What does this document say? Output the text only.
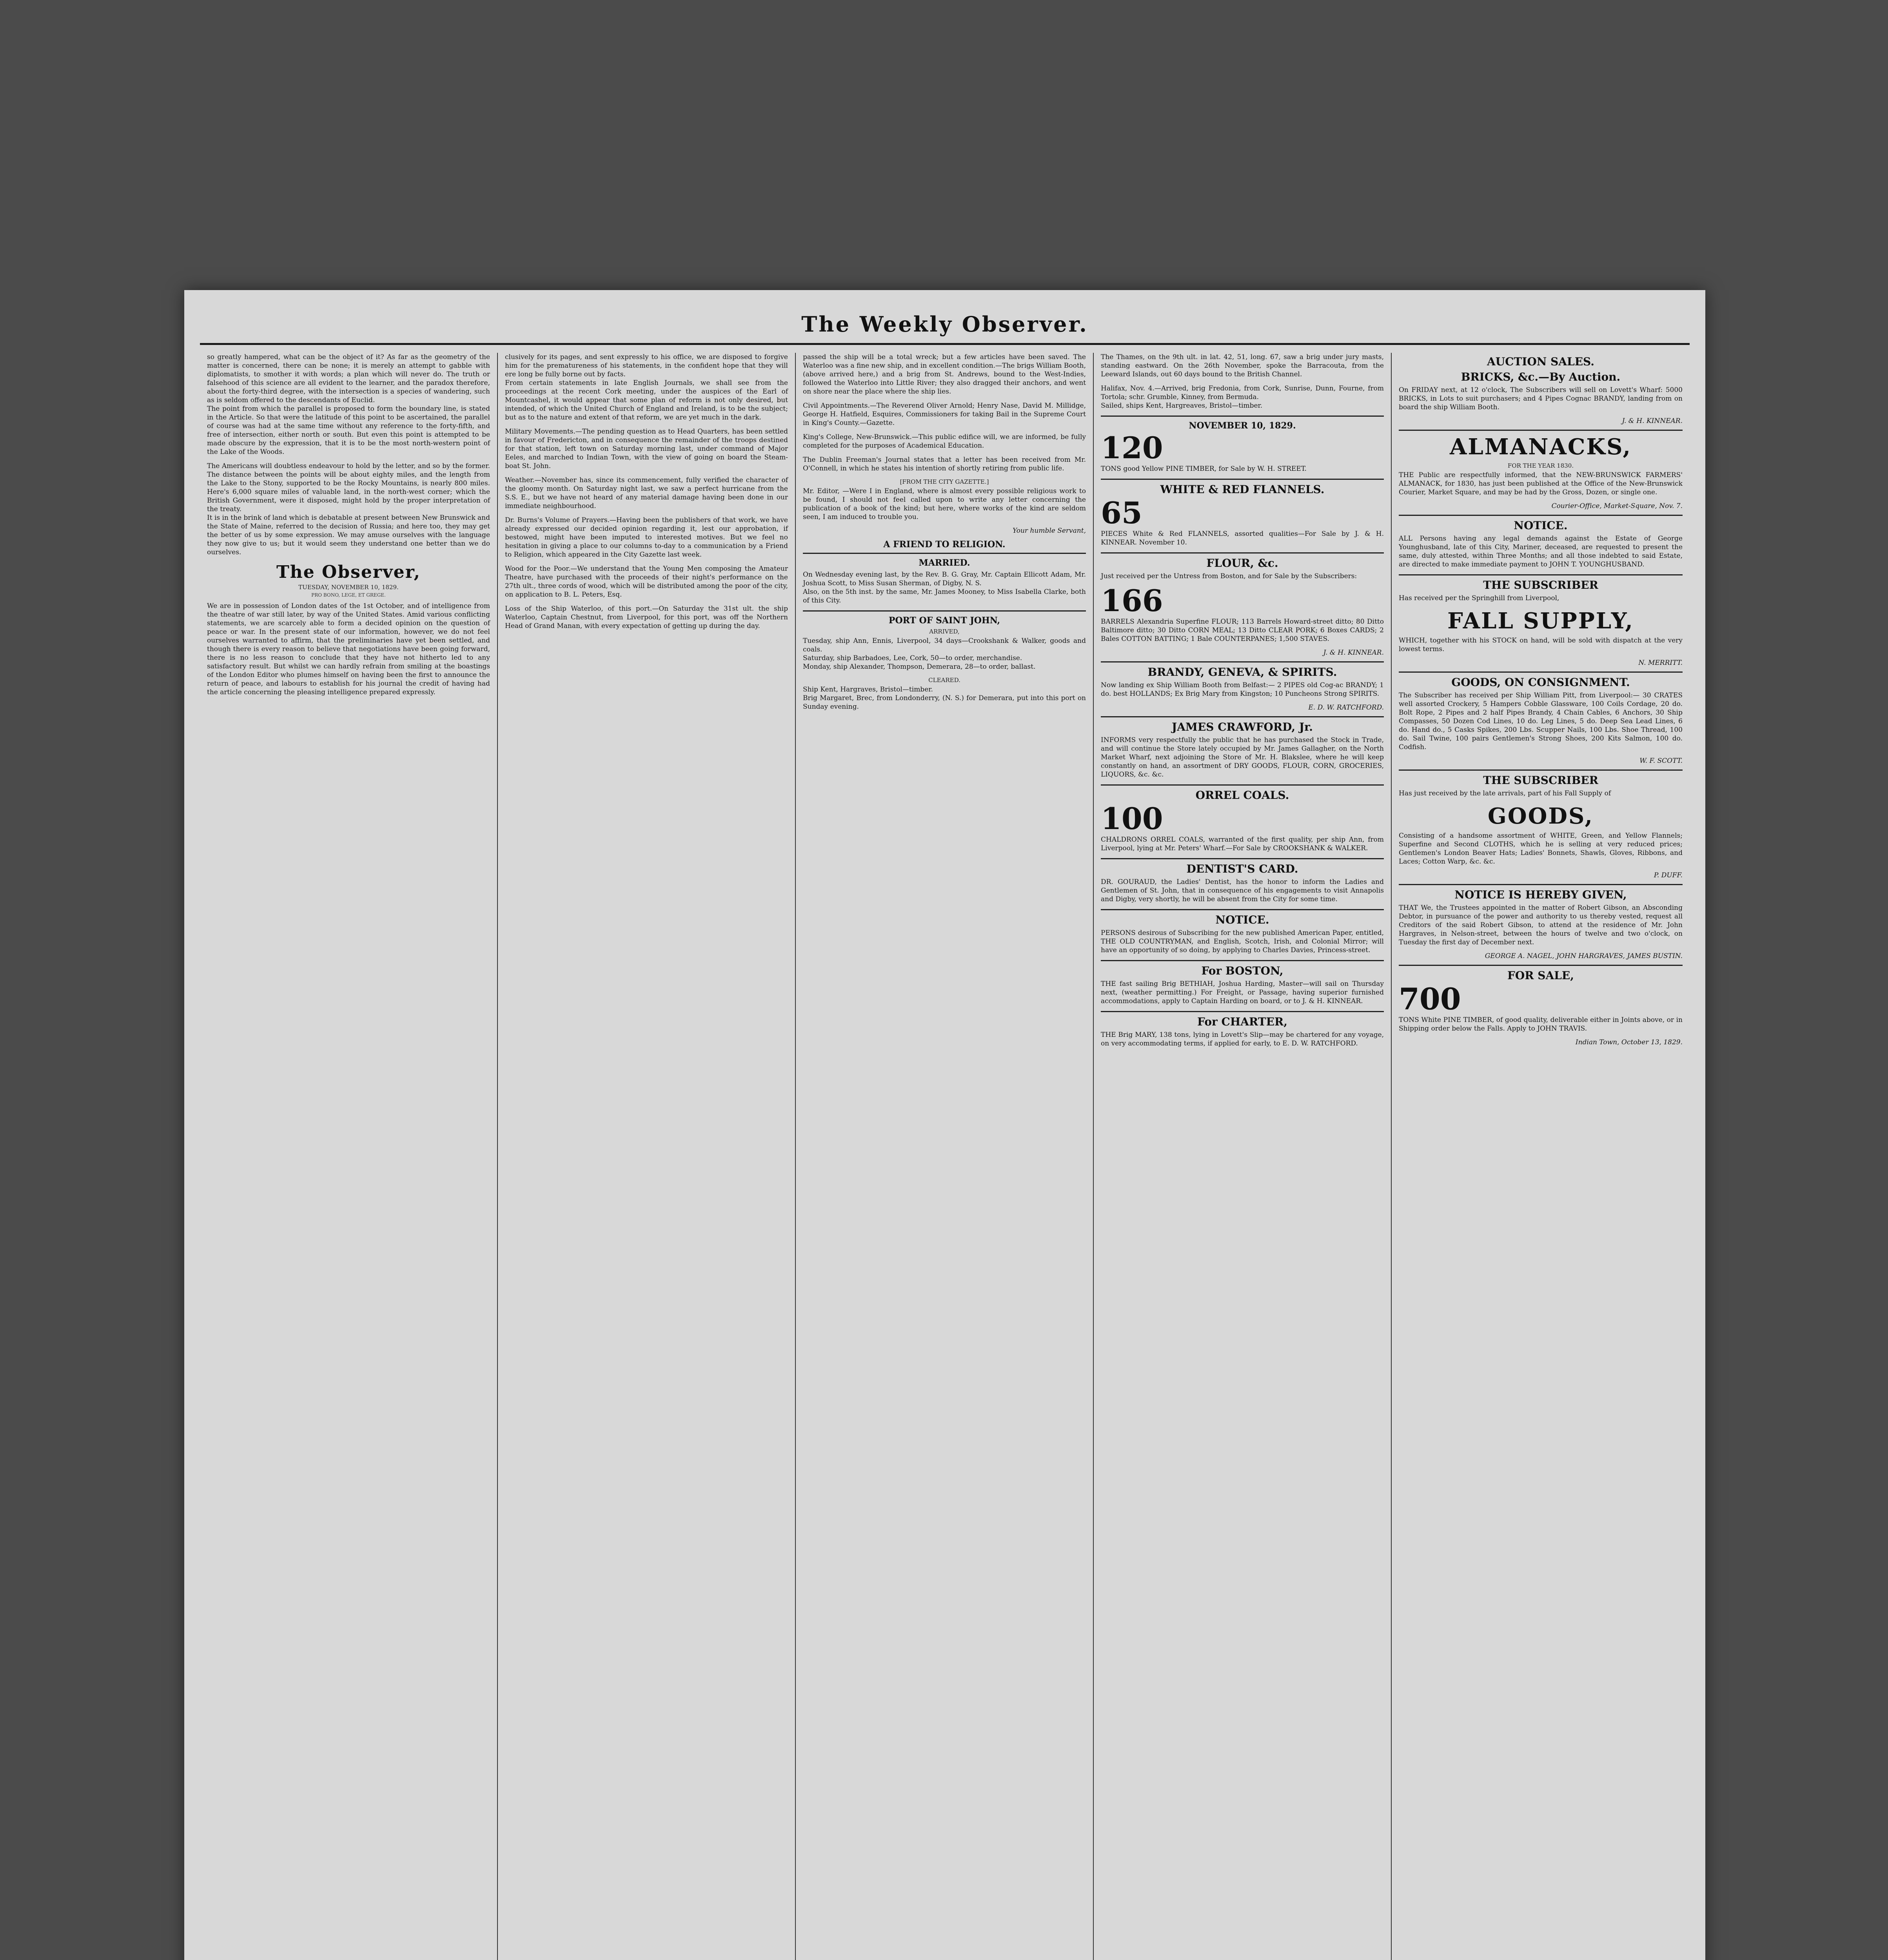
The Weekly Observer.

so greatly hampered, what can be the object of it? As far as the geometry of the matter is concerned, there can be none; it is merely an attempt to gabble with diplomatists, to smother it with words; a plan which will never do. The truth or falsehood of this science are all evident to the learner, and the paradox therefore, about the forty-third degree, with the intersection is a species of wandering, such as is seldom offered to the descendants of Euclid.
The point from which the parallel is proposed to form the boundary line, is stated in the Article. So that were the latitude of this point to be ascertained, the parallel of course was had at the same time without any reference to the forty-fifth, and free of intersection, either north or south. But even this point is attempted to be made obscure by the expression, that it is to be the most north-western point of the Lake of the Woods.

The Americans will doubtless endeavour to hold by the letter, and so by the former. The distance between the points will be about eighty miles, and the length from the Lake to the Stony, supported to be the Rocky Mountains, is nearly 800 miles. Here's 6,000 square miles of valuable land, in the north-west corner; which the British Government, were it disposed, might hold by the proper interpretation of the treaty.
It is in the brink of land which is debatable at present between New Brunswick and the State of Maine, referred to the decision of Russia; and here too, they may get the better of us by some expression. We may amuse ourselves with the language they now give to us; but it would seem they understand one better than we do ourselves.

The Observer,
TUESDAY, NOVEMBER 10, 1829.
PRO BONO, LEGE, ET GREGE.

We are in possession of London dates of the 1st October, and of intelligence from the theatre of war still later, by way of the United States. Amid various conflicting statements, we are scarcely able to form a decided opinion on the question of peace or war. In the present state of our information, however, we do not feel ourselves warranted to affirm, that the preliminaries have yet been settled, and though there is every reason to believe that negotiations have been going forward, there is no less reason to conclude that they have not hitherto led to any satisfactory result. But whilst we can hardly refrain from smiling at the boastings of the London Editor who plumes himself on having been the first to announce the return of peace, and labours to establish for his journal the credit of having had the article concerning the pleasing intelligence prepared expressly.

clusively for its pages, and sent expressly to his office, we are disposed to forgive him for the prematureness of his statements, in the confident hope that they will ere long be fully borne out by facts.
From certain statements in late English Journals, we shall see from the proceedings at the recent Cork meeting, under the auspices of the Earl of Mountcashel, it would appear that some plan of reform is not only desired, but intended, of which the United Church of England and Ireland, is to be the subject; but as to the nature and extent of that reform, we are yet much in the dark.

Military Movements.—The pending question as to Head Quarters, has been settled in favour of Fredericton, and in consequence the remainder of the troops destined for that station, left town on Saturday morning last, under command of Major Eeles, and marched to Indian Town, with the view of going on board the Steam-boat St. John.

Weather.—November has, since its commencement, fully verified the character of the gloomy month. On Saturday night last, we saw a perfect hurricane from the S.S. E., but we have not heard of any material damage having been done in our immediate neighbourhood.

Dr. Burns's Volume of Prayers.—Having been the publishers of that work, we have already expressed our decided opinion regarding it, lest our approbation, if bestowed, might have been imputed to interested motives. But we feel no hesitation in giving a place to our columns to-day to a communication by a Friend to Religion, which appeared in the City Gazette last week.

Wood for the Poor.—We understand that the Young Men composing the Amateur Theatre, have purchased with the proceeds of their night's performance on the 27th ult., three cords of wood, which will be distributed among the poor of the city, on application to B. L. Peters, Esq.

Loss of the Ship Waterloo, of this port.—On Saturday the 31st ult. the ship Waterloo, Captain Chestnut, from Liverpool, for this port, was off the Northern Head of Grand Manan, with every expectation of getting up during the day.

passed the ship will be a total wreck; but a few articles have been saved. The Waterloo was a fine new ship, and in excellent condition.—The brigs William Booth, (above arrived here,) and a brig from St. Andrews, bound to the West-Indies, followed the Waterloo into Little River; they also dragged their anchors, and went on shore near the place where the ship lies.

Civil Appointments.—The Reverend Oliver Arnold; Henry Nase, David M. Millidge, George H. Hatfield, Esquires, Commissioners for taking Bail in the Supreme Court in King's County.—Gazette.

King's College, New-Brunswick.—This public edifice will, we are informed, be fully completed for the purposes of Academical Education.

The Dublin Freeman's Journal states that a letter has been received from Mr. O'Connell, in which he states his intention of shortly retiring from public life.

[FROM THE CITY GAZETTE.]

Mr. Editor, —Were I in England, where is almost every possible religious work to be found, I should not feel called upon to write any letter concerning the publication of a book of the kind; but here, where works of the kind are seldom seen, I am induced to trouble you.

Your humble Servant,
A FRIEND TO RELIGION.
MARRIED.

On Wednesday evening last, by the Rev. B. G. Gray, Mr. Captain Ellicott Adam, Mr. Joshua Scott, to Miss Susan Sherman, of Digby, N. S.
Also, on the 5th inst. by the same, Mr. James Mooney, to Miss Isabella Clarke, both of this City.

PORT OF SAINT JOHN,
ARRIVED,

Tuesday, ship Ann, Ennis, Liverpool, 34 days—Crookshank & Walker, goods and coals.
Saturday, ship Barbadoes, Lee, Cork, 50—to order, merchandise.
Monday, ship Alexander, Thompson, Demerara, 28—to order, ballast.

CLEARED.

Ship Kent, Hargraves, Bristol—timber.
Brig Margaret, Brec, from Londonderry, (N. S.) for Demerara, put into this port on Sunday evening.

The Thames, on the 9th ult. in lat. 42, 51, long. 67, saw a brig under jury masts, standing eastward. On the 26th November, spoke the Barracouta, from the Leeward Islands, out 60 days bound to the British Channel.

Halifax, Nov. 4.—Arrived, brig Fredonia, from Cork, Sunrise, Dunn, Fourne, from Tortola; schr. Grumble, Kinney, from Bermuda.
Sailed, ships Kent, Hargreaves, Bristol—timber.

NOVEMBER 10, 1829.
120

TONS good Yellow PINE TIMBER, for Sale by W. H. STREET.

WHITE & RED FLANNELS.
65

PIECES White & Red FLANNELS, assorted qualities—For Sale by J. & H. KINNEAR. November 10.

FLOUR, &c.

Just received per the Untress from Boston, and for Sale by the Subscribers:

166

BARRELS Alexandria Superfine FLOUR; 113 Barrels Howard-street ditto; 80 Ditto Baltimore ditto; 30 Ditto CORN MEAL; 13 Ditto CLEAR PORK; 6 Boxes CARDS; 2 Bales COTTON BATTING; 1 Bale COUNTERPANES; 1,500 STAVES.

J. & H. KINNEAR.
BRANDY, GENEVA, & SPIRITS.

Now landing ex Ship William Booth from Belfast:— 2 PIPES old Cog-ac BRANDY; 1 do. best HOLLANDS; Ex Brig Mary from Kingston; 10 Puncheons Strong SPIRITS.

E. D. W. RATCHFORD.
JAMES CRAWFORD, Jr.

INFORMS very respectfully the public that he has purchased the Stock in Trade, and will continue the Store lately occupied by Mr. James Gallagher, on the North Market Wharf, next adjoining the Store of Mr. H. Blakslee, where he will keep constantly on hand, an assortment of DRY GOODS, FLOUR, CORN, GROCERIES, LIQUORS, &c. &c.

ORREL COALS.
100

CHALDRONS ORREL COALS, warranted of the first quality, per ship Ann, from Liverpool, lying at Mr. Peters' Wharf.—For Sale by CROOKSHANK & WALKER.

DENTIST'S CARD.

DR. GOURAUD, the Ladies' Dentist, has the honor to inform the Ladies and Gentlemen of St. John, that in consequence of his engagements to visit Annapolis and Digby, very shortly, he will be absent from the City for some time.

NOTICE.

PERSONS desirous of Subscribing for the new published American Paper, entitled, THE OLD COUNTRYMAN, and English, Scotch, Irish, and Colonial Mirror; will have an opportunity of so doing, by applying to Charles Davies, Princess-street.

For BOSTON,

THE fast sailing Brig BETHIAH, Joshua Harding, Master—will sail on Thursday next, (weather permitting.) For Freight, or Passage, having superior furnished accommodations, apply to Captain Harding on board, or to J. & H. KINNEAR.

For CHARTER,

THE Brig MARY, 138 tons, lying in Lovett's Slip—may be chartered for any voyage, on very accommodating terms, if applied for early, to E. D. W. RATCHFORD.

AUCTION SALES.
BRICKS, &c.—By Auction.

On FRIDAY next, at 12 o'clock, The Subscribers will sell on Lovett's Wharf: 5000 BRICKS, in Lots to suit purchasers; and 4 Pipes Cognac BRANDY, landing from on board the ship William Booth.

J. & H. KINNEAR.
ALMANACKS,
FOR THE YEAR 1830.

THE Public are respectfully informed, that the NEW-BRUNSWICK FARMERS' ALMANACK, for 1830, has just been published at the Office of the New-Brunswick Courier, Market Square, and may be had by the Gross, Dozen, or single one.

Courier-Office, Market-Square, Nov. 7.
NOTICE.

ALL Persons having any legal demands against the Estate of George Younghusband, late of this City, Mariner, deceased, are requested to present the same, duly attested, within Three Months; and all those indebted to said Estate, are directed to make immediate payment to JOHN T. YOUNGHUSBAND.

THE SUBSCRIBER

Has received per the Springhill from Liverpool,

FALL SUPPLY,

WHICH, together with his STOCK on hand, will be sold with dispatch at the very lowest terms.

N. MERRITT.
GOODS, ON CONSIGNMENT.

The Subscriber has received per Ship William Pitt, from Liverpool:— 30 CRATES well assorted Crockery, 5 Hampers Cobble Glassware, 100 Coils Cordage, 20 do. Bolt Rope, 2 Pipes and 2 half Pipes Brandy, 4 Chain Cables, 6 Anchors, 30 Ship Compasses, 50 Dozen Cod Lines, 10 do. Leg Lines, 5 do. Deep Sea Lead Lines, 6 do. Hand do., 5 Casks Spikes, 200 Lbs. Scupper Nails, 100 Lbs. Shoe Thread, 100 do. Sail Twine, 100 pairs Gentlemen's Strong Shoes, 200 Kits Salmon, 100 do. Codfish.

W. F. SCOTT.
THE SUBSCRIBER

Has just received by the late arrivals, part of his Fall Supply of

GOODS,

Consisting of a handsome assortment of WHITE, Green, and Yellow Flannels; Superfine and Second CLOTHS, which he is selling at very reduced prices; Gentlemen's London Beaver Hats; Ladies' Bonnets, Shawls, Gloves, Ribbons, and Laces; Cotton Warp, &c. &c.

P. DUFF.
NOTICE IS HEREBY GIVEN,

THAT We, the Trustees appointed in the matter of Robert Gibson, an Absconding Debtor, in pursuance of the power and authority to us thereby vested, request all Creditors of the said Robert Gibson, to attend at the residence of Mr. John Hargraves, in Nelson-street, between the hours of twelve and two o'clock, on Tuesday the first day of December next.

GEORGE A. NAGEL, JOHN HARGRAVES, JAMES BUSTIN.
FOR SALE,
700

TONS White PINE TIMBER, of good quality, deliverable either in Joints above, or in Shipping order below the Falls. Apply to JOHN TRAVIS.

Indian Town, October 13, 1829.
